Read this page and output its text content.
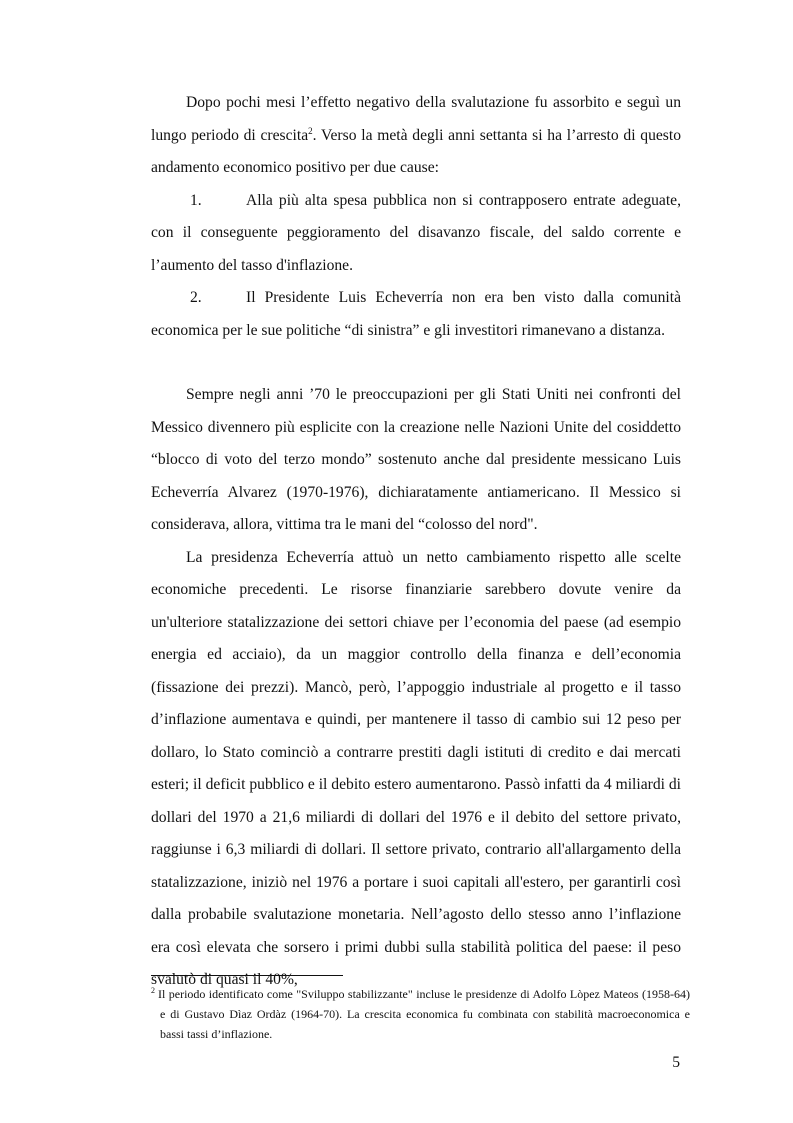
Dopo pochi mesi l’effetto negativo della svalutazione fu assorbito e seguì un lungo periodo di crescita$^2$. Verso la metà degli anni settanta si ha l’arresto di questo andamento economico positivo per due cause:

1.	Alla più alta spesa pubblica non si contrapposero entrate adeguate, con il conseguente peggioramento del disavanzo fiscale, del saldo corrente e l’aumento del tasso d'inflazione.

2.	Il Presidente Luis Echeverría non era ben visto dalla comunità economica per le sue politiche “di sinistra” e gli investitori rimanevano a distanza.

Sempre negli anni ’70 le preoccupazioni per gli Stati Uniti nei confronti del Messico divennero più esplicite con la creazione nelle Nazioni Unite del cosiddetto “blocco di voto del terzo mondo” sostenuto anche dal presidente messicano Luis Echeverría Alvarez (1970-1976), dichiaratamente antiamericano. Il Messico si considerava, allora, vittima tra le mani del “colosso del nord".

La presidenza Echeverría attuò un netto cambiamento rispetto alle scelte economiche precedenti. Le risorse finanziarie sarebbero dovute venire da un'ulteriore statalizzazione dei settori chiave per l’economia del paese (ad esempio energia ed acciaio), da un maggior controllo della finanza e dell’economia (fissazione dei prezzi). Mancò, però, l’appoggio industriale al progetto e il tasso d’inflazione aumentava e quindi, per mantenere il tasso di cambio sui 12 peso per dollaro, lo Stato cominciò a contrarre prestiti dagli istituti di credito e dai mercati esteri; il deficit pubblico e il debito estero aumentarono. Passò infatti da 4 miliardi di dollari del 1970 a 21,6 miliardi di dollari del 1976 e il debito del settore privato, raggiunse i 6,3 miliardi di dollari. Il settore privato, contrario all'allargamento della statalizzazione, iniziò nel 1976 a portare i suoi capitali all'estero, per garantirli così dalla probabile svalutazione monetaria. Nell’agosto dello stesso anno l’inflazione era così elevata che sorsero i primi dubbi sulla stabilità politica del paese: il peso svalutò di quasi il 40%,

$^2$ Il periodo identificato come "Sviluppo stabilizzante" incluse le presidenze di Adolfo Lòpez Mateos (1958-64) e di Gustavo Dìaz Ordàz (1964-70). La crescita economica fu combinata con stabilità macroeconomica e bassi tassi d’inflazione.

5
